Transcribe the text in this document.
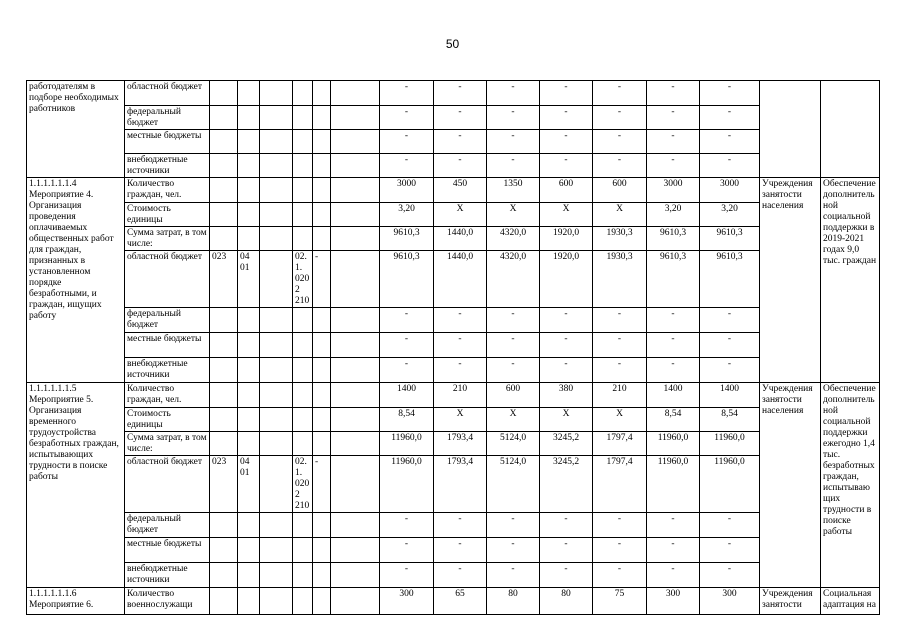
50
работодателям в подборе необходимых работников	областной бюджет							-	-	-	-	-	-	-		
	федеральный бюджет							-	-	-	-	-	-	-		
	местные бюджеты							-	-	-	-	-	-	-		
	внебюджетные источники							-	-	-	-	-	-	-		
1.1.1.1.1.1.4 Мероприятие 4. Организация проведения оплачиваемых общественных работ для граждан, признанных в установленном порядке безработными, и граждан, ищущих работу	Количество граждан, чел.							3000	450	1350	600	600	3000	3000	Учреждения занятости населения	Обеспечение дополнительной социальной поддержки в 2019-2021 годах 9,0 тыс. граждан
	Стоимость единицы							3,20	X	X	X	X	3,20	3,20		
	Сумма затрат, в том числе:							9610,3	1440,0	4320,0	1920,0	1930,3	9610,3	9610,3		
	областной бюджет	023	04 01		02.1. 0202 210	-		9610,3	1440,0	4320,0	1920,0	1930,3	9610,3	9610,3		
	федеральный бюджет							-	-	-	-	-	-	-		
	местные бюджеты							-	-	-	-	-	-	-		
	внебюджетные источники							-	-	-	-	-	-	-		
1.1.1.1.1.1.5 Мероприятие 5. Организация временного трудоустройства безработных граждан, испытывающих трудности в поиске работы	Количество граждан, чел.							1400	210	600	380	210	1400	1400	Учреждения занятости населения	Обеспечение дополнительной социальной поддержки ежегодно 1,4 тыс. безработных граждан, испытывающих трудности в поиске работы
	Стоимость единицы							8,54	X	X	X	X	8,54	8,54		
	Сумма затрат, в том числе:							11960,0	1793,4	5124,0	3245,2	1797,4	11960,0	11960,0		
	областной бюджет	023	04 01		02.1. 0202 210	-		11960,0	1793,4	5124,0	3245,2	1797,4	11960,0	11960,0		
	федеральный бюджет							-	-	-	-	-	-	-		
	местные бюджеты							-	-	-	-	-	-	-		
	внебюджетные источники							-	-	-	-	-	-	-		
1.1.1.1.1.1.6 Мероприятие 6.	Количество военнослужащи							300	65	80	80	75	300	300	Учреждения занятости	Социальная адаптация на
